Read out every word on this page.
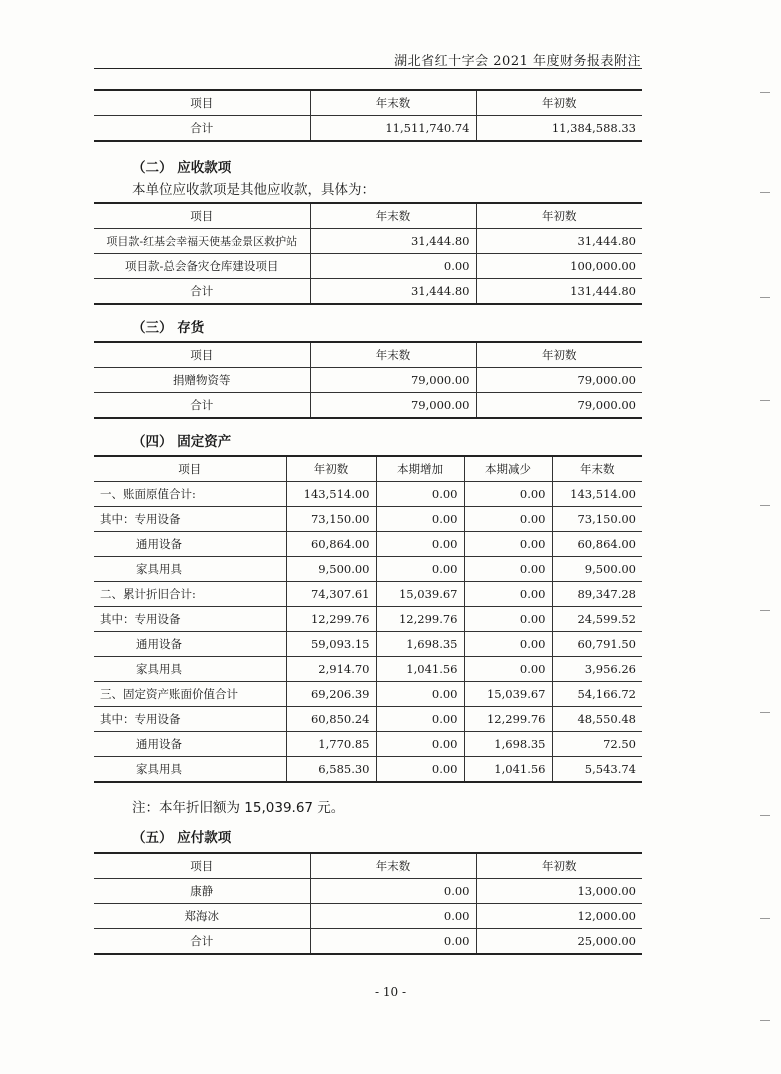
湖北省红十字会 2021 年度财务报表附注
项目	年末数	年初数
合计	11,511,740.74	11,384,588.33
（二） 应收款项
本单位应收款项是其他应收款，具体为：
项目	年末数	年初数
项目款-红基会幸福天使基金景区救护站	31,444.80	31,444.80
项目款-总会备灾仓库建设项目	0.00	100,000.00
合计	31,444.80	131,444.80
（三） 存货
项目	年末数	年初数
捐赠物资等	79,000.00	79,000.00
合计	79,000.00	79,000.00
（四） 固定资产
项目	年初数	本期增加	本期减少	年末数
一、账面原值合计:	143,514.00	0.00	0.00	143,514.00
其中：专用设备	73,150.00	0.00	0.00	73,150.00
通用设备	60,864.00	0.00	0.00	60,864.00
家具用具	9,500.00	0.00	0.00	9,500.00
二、累计折旧合计:	74,307.61	15,039.67	0.00	89,347.28
其中：专用设备	12,299.76	12,299.76	0.00	24,599.52
通用设备	59,093.15	1,698.35	0.00	60,791.50
家具用具	2,914.70	1,041.56	0.00	3,956.26
三、固定资产账面价值合计	69,206.39	0.00	15,039.67	54,166.72
其中：专用设备	60,850.24	0.00	12,299.76	48,550.48
通用设备	1,770.85	0.00	1,698.35	72.50
家具用具	6,585.30	0.00	1,041.56	5,543.74
注：本年折旧额为 15,039.67 元。
（五） 应付款项
项目	年末数	年初数
康静	0.00	13,000.00
郑海冰	0.00	12,000.00
合计	0.00	25,000.00
- 10 -
